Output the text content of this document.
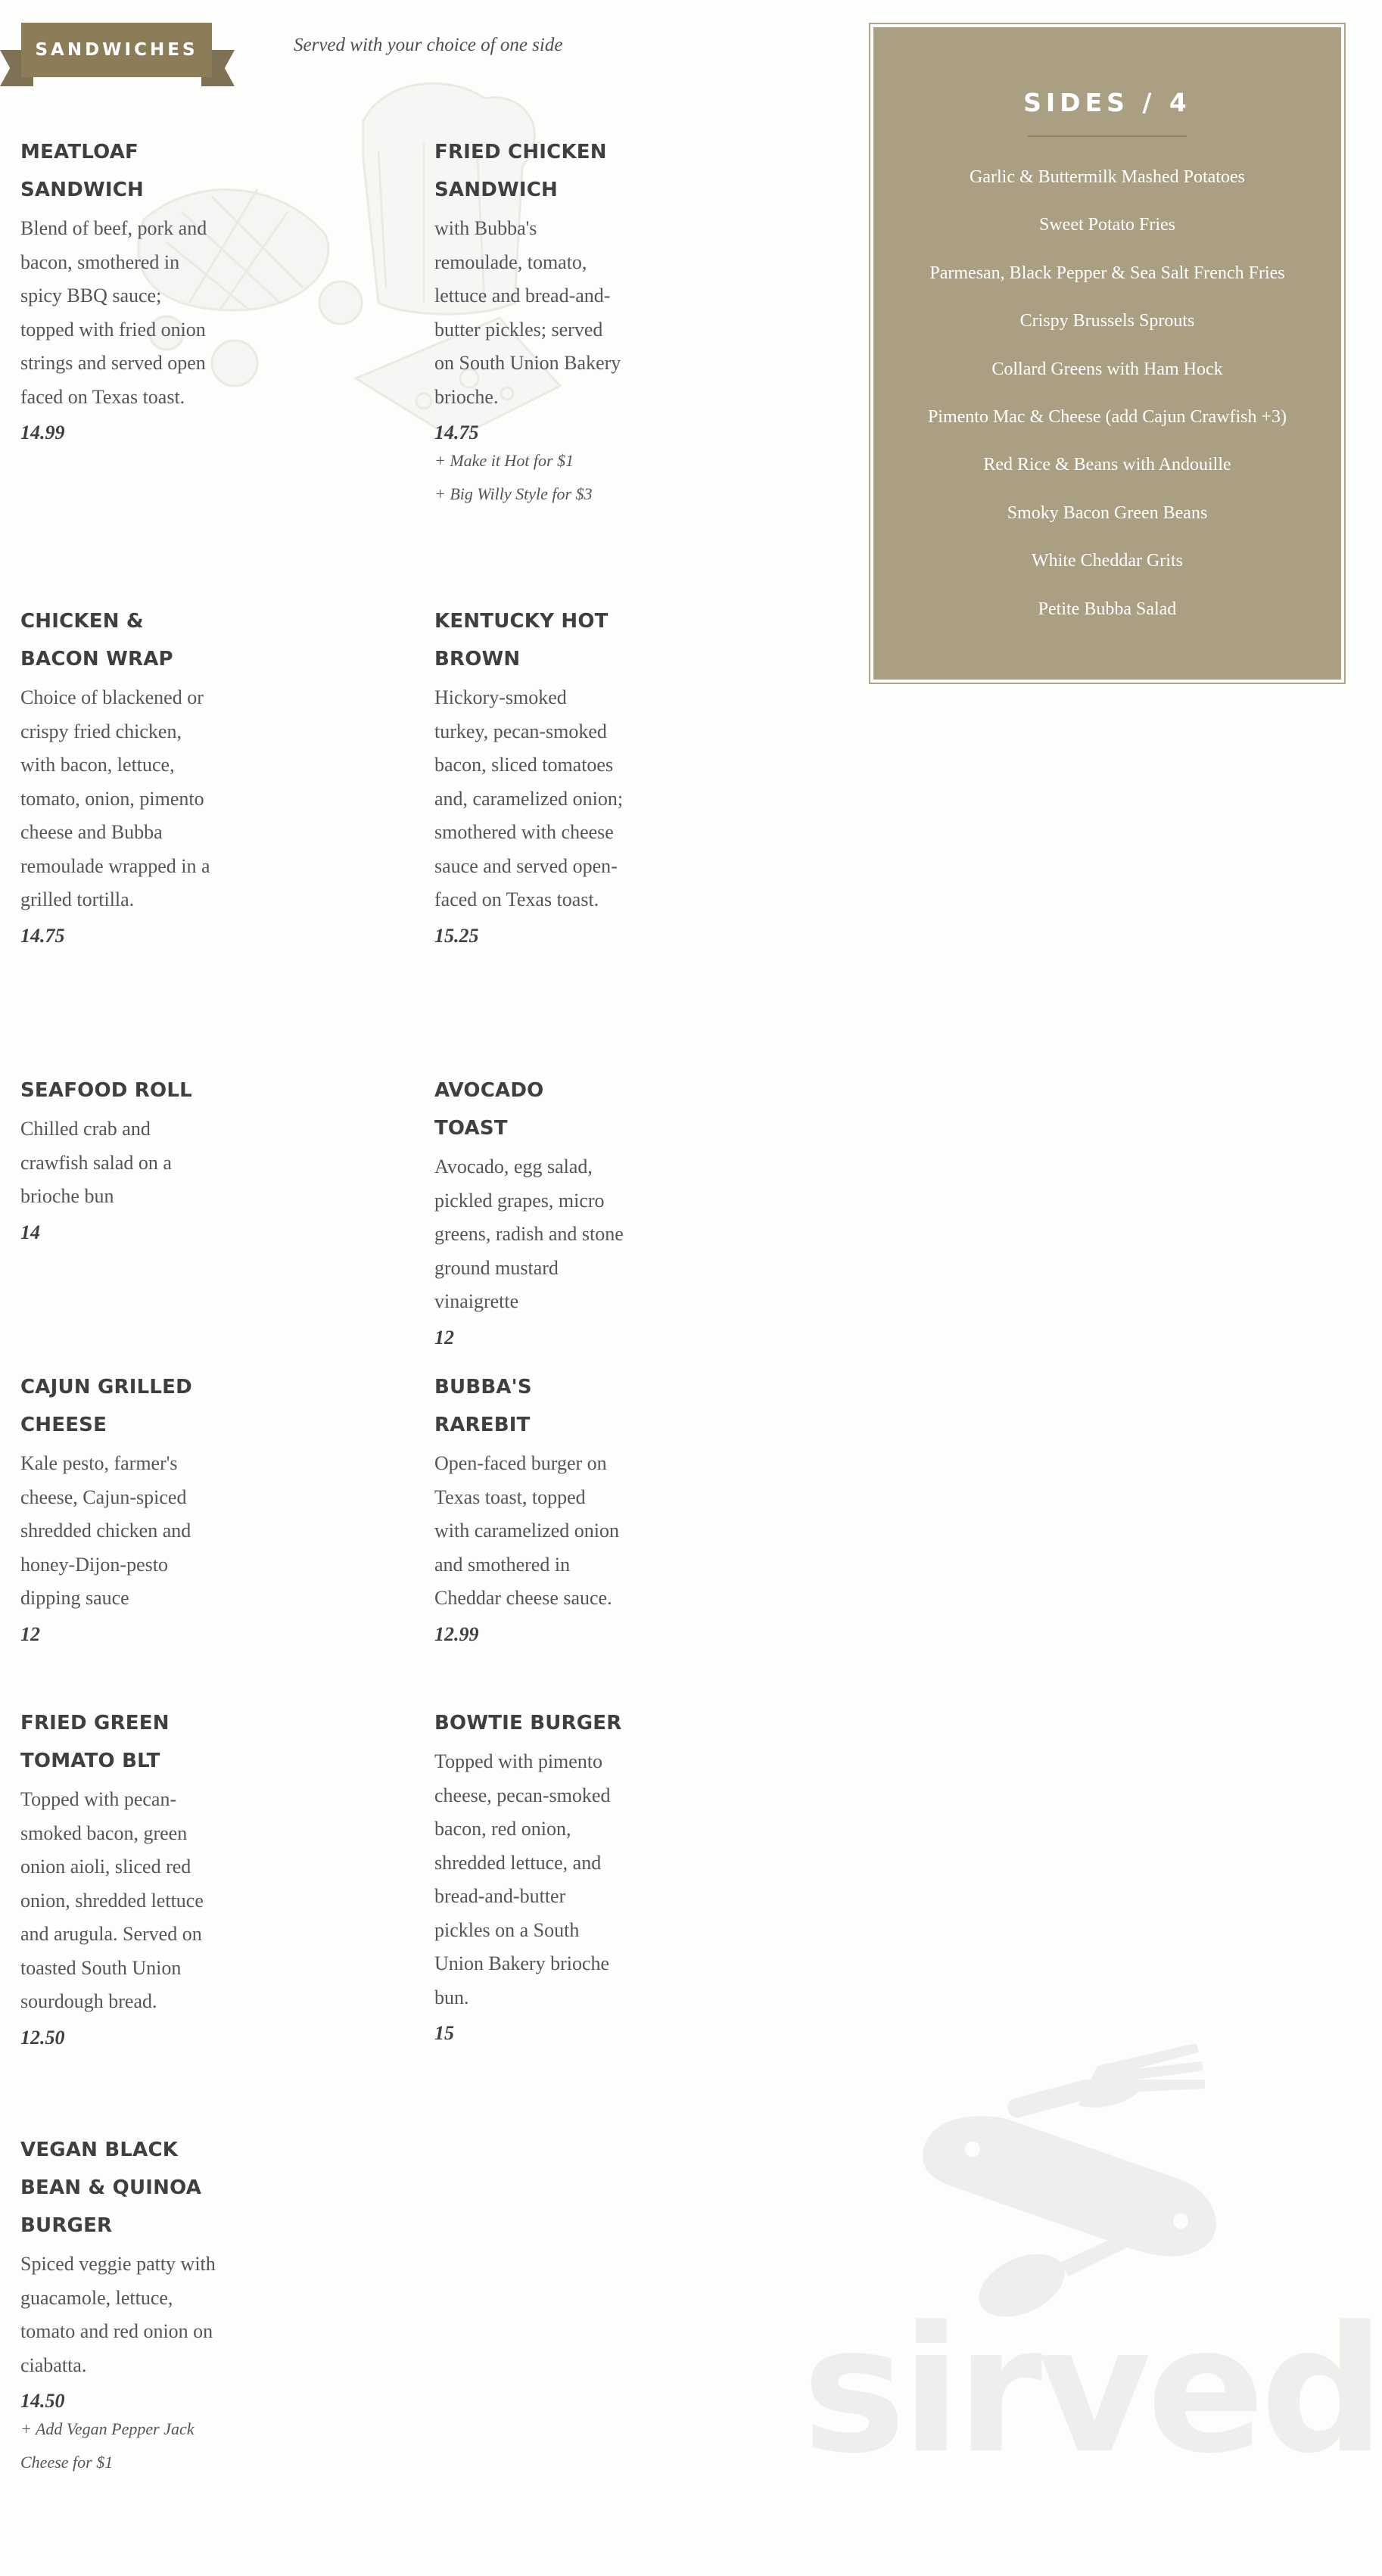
SANDWICHES	Served with your choice of one side
MEATLOAF SANDWICH
Blend of beef, pork and bacon, smothered in spicy BBQ sauce; topped with fried onion strings and served open faced on Texas toast.
14.99
FRIED CHICKEN SANDWICH
with Bubba's remoulade, tomato, lettuce and bread-and-butter pickles; served on South Union Bakery brioche.
14.75
+ Make it Hot for $1
+ Big Willy Style for $3
CHICKEN & BACON WRAP
Choice of blackened or crispy fried chicken, with bacon, lettuce, tomato, onion, pimento cheese and Bubba remoulade wrapped in a grilled tortilla.
14.75
KENTUCKY HOT BROWN
Hickory-smoked turkey, pecan-smoked bacon, sliced tomatoes and, caramelized onion; smothered with cheese sauce and served open-faced on Texas toast.
15.25
SEAFOOD ROLL
Chilled crab and crawfish salad on a brioche bun
14
AVOCADO TOAST
Avocado, egg salad, pickled grapes, micro greens, radish and stone ground mustard vinaigrette
12
CAJUN GRILLED CHEESE
Kale pesto, farmer's cheese, Cajun-spiced shredded chicken and honey-Dijon-pesto dipping sauce
12
BUBBA'S RAREBIT
Open-faced burger on Texas toast, topped with caramelized onion and smothered in Cheddar cheese sauce.
12.99
FRIED GREEN TOMATO BLT
Topped with pecan-smoked bacon, green onion aioli, sliced red onion, shredded lettuce and arugula. Served on toasted South Union sourdough bread.
12.50
BOWTIE BURGER
Topped with pimento cheese, pecan-smoked bacon, red onion, shredded lettuce, and bread-and-butter pickles on a South Union Bakery brioche bun.
15
VEGAN BLACK BEAN & QUINOA BURGER
Spiced veggie patty with guacamole, lettuce, tomato and red onion on ciabatta.
14.50
+ Add Vegan Pepper Jack Cheese for $1
SIDES / 4
Garlic & Buttermilk Mashed Potatoes
Sweet Potato Fries
Parmesan, Black Pepper & Sea Salt French Fries
Crispy Brussels Sprouts
Collard Greens with Ham Hock
Pimento Mac & Cheese (add Cajun Crawfish +3)
Red Rice & Beans with Andouille
Smoky Bacon Green Beans
White Cheddar Grits
Petite Bubba Salad
sirved
